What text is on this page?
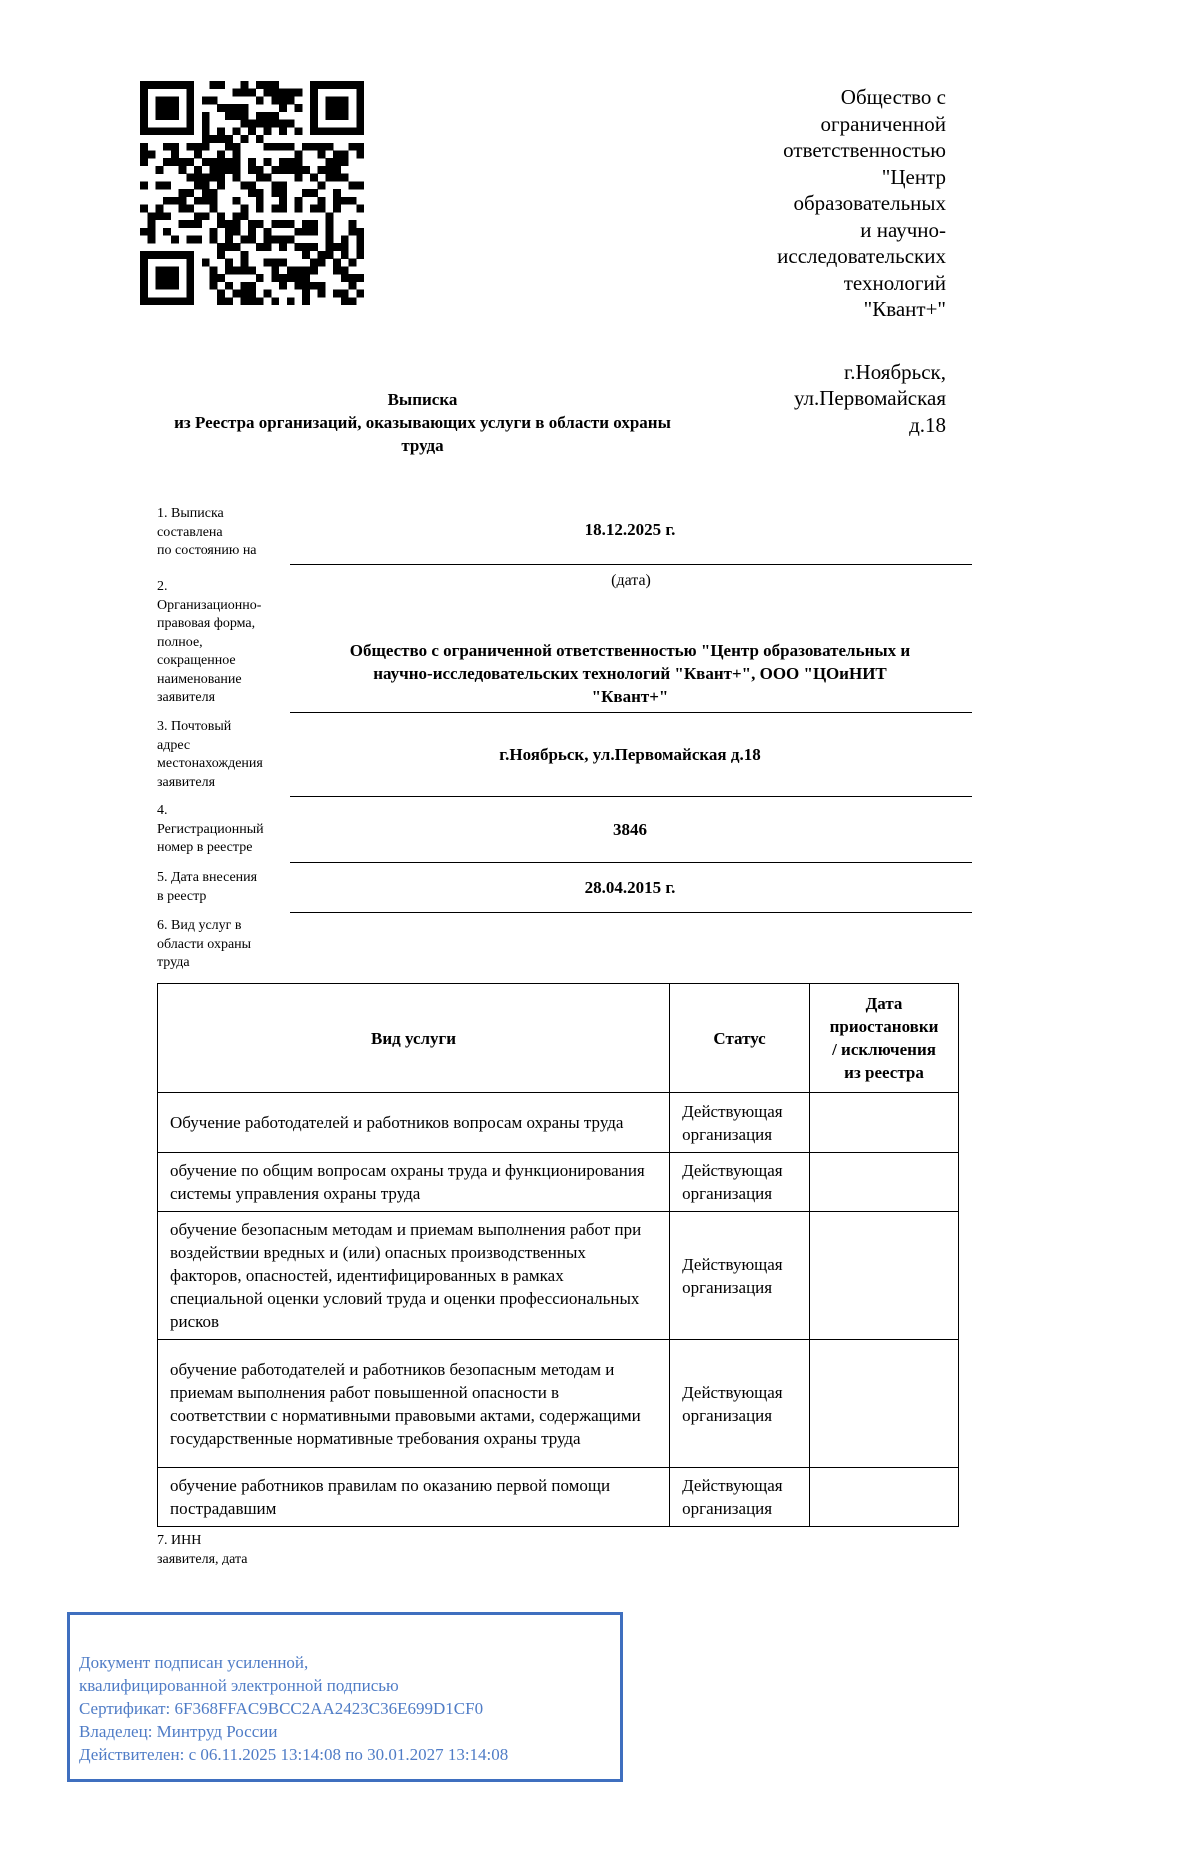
Общество с
ограниченной
ответственностью
"Центр
образовательных
и научно-
исследовательских
технологий
"Квант+"
г.Ноябрьск,
ул.Первомайская
д.18
Выписка
из Реестра организаций, оказывающих услуги в области охраны
труда
1. Выписка
составлена
по состоянию на
18.12.2025 г.
(дата)
2.
Организационно-
правовая форма,
полное,
сокращенное
наименование
заявителя
Общество с ограниченной ответственностью "Центр образовательных и
научно-исследовательских технологий "Квант+", ООО "ЦОиНИТ
"Квант+"
3. Почтовый
адрес
местонахождения
заявителя
г.Ноябрьск, ул.Первомайская д.18
4.
Регистрационный
номер в реестре
3846
5. Дата внесения
в реестр	28.04.2015 г.
6. Вид услуг в
области охраны
труда
Вид услуги	Статус	Дата
приостановки
/ исключения
из реестра

Обучение работодателей и работников вопросам охраны труда	Действующая организация	
обучение по общим вопросам охраны труда и функционирования системы управления охраны труда	Действующая организация	
обучение безопасным методам и приемам выполнения работ при воздействии вредных и (или) опасных производственных факторов, опасностей, идентифицированных в рамках специальной оценки условий труда и оценки профессиональных рисков	Действующая организация	
обучение работодателей и работников безопасным методам и приемам выполнения работ повышенной опасности в соответствии с нормативными правовыми актами, содержащими государственные нормативные требования охраны труда	Действующая организация	
обучение работников правилам по оказанию первой помощи пострадавшим	Действующая организация	
7. ИНН
заявителя, дата
Документ подписан усиленной,
квалифицированной электронной подписью
Сертификат: 6F368FFAC9BCC2AA2423C36E699D1CF0
Владелец: Минтруд России
Действителен: с 06.11.2025 13:14:08 по 30.01.2027 13:14:08
